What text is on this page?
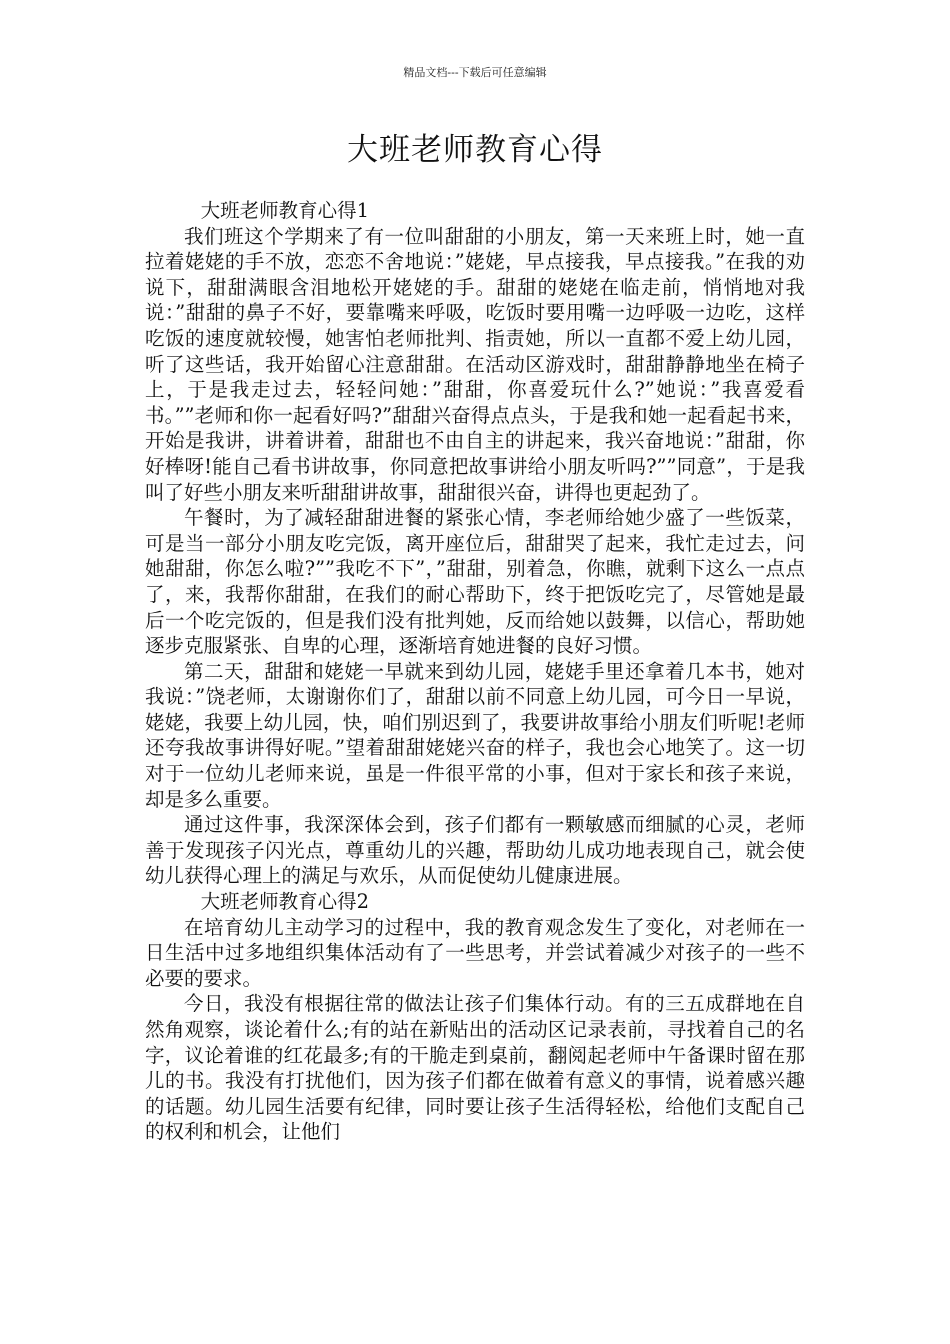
精品文档---下载后可任意编辑
大班老师教育心得

大班老师教育心得1

我们班这个学期来了有一位叫甜甜的小朋友，第一天来班上时，她一直拉着姥姥的手不放，恋恋不舍地说：”姥姥，早点接我，早点接我。”在我的劝说下，甜甜满眼含泪地松开姥姥的手。甜甜的姥姥在临走前，悄悄地对我说：”甜甜的鼻子不好，要靠嘴来呼吸，吃饭时要用嘴一边呼吸一边吃，这样吃饭的速度就较慢，她害怕老师批判、指责她，所以一直都不爱上幼儿园，听了这些话，我开始留心注意甜甜。在活动区游戏时，甜甜静静地坐在椅子上，于是我走过去，轻轻问她：”甜甜，你喜爱玩什么?”她说：”我喜爱看书。””老师和你一起看好吗?”甜甜兴奋得点点头，于是我和她一起看起书来，开始是我讲，讲着讲着，甜甜也不由自主的讲起来，我兴奋地说：”甜甜，你好棒呀!能自己看书讲故事，你同意把故事讲给小朋友听吗?””同意”，于是我叫了好些小朋友来听甜甜讲故事，甜甜很兴奋，讲得也更起劲了。

午餐时，为了减轻甜甜进餐的紧张心情，李老师给她少盛了一些饭菜，可是当一部分小朋友吃完饭，离开座位后，甜甜哭了起来，我忙走过去，问她甜甜，你怎么啦?””我吃不下”，”甜甜，别着急，你瞧，就剩下这么一点点了，来，我帮你甜甜，在我们的耐心帮助下，终于把饭吃完了，尽管她是最后一个吃完饭的，但是我们没有批判她，反而给她以鼓舞，以信心，帮助她逐步克服紧张、自卑的心理，逐渐培育她进餐的良好习惯。

第二天，甜甜和姥姥一早就来到幼儿园，姥姥手里还拿着几本书，她对我说：”饶老师，太谢谢你们了，甜甜以前不同意上幼儿园，可今日一早说，姥姥，我要上幼儿园，快，咱们别迟到了，我要讲故事给小朋友们听呢!老师还夸我故事讲得好呢。”望着甜甜姥姥兴奋的样子，我也会心地笑了。这一切对于一位幼儿老师来说，虽是一件很平常的小事，但对于家长和孩子来说，却是多么重要。

通过这件事，我深深体会到，孩子们都有一颗敏感而细腻的心灵，老师善于发现孩子闪光点，尊重幼儿的兴趣，帮助幼儿成功地表现自己，就会使幼儿获得心理上的满足与欢乐，从而促使幼儿健康进展。

大班老师教育心得2

在培育幼儿主动学习的过程中，我的教育观念发生了变化，对老师在一日生活中过多地组织集体活动有了一些思考，并尝试着减少对孩子的一些不必要的要求。

今日，我没有根据往常的做法让孩子们集体行动。有的三五成群地在自然角观察，谈论着什么;有的站在新贴出的活动区记录表前，寻找着自己的名字，议论着谁的红花最多;有的干脆走到桌前，翻阅起老师中午备课时留在那儿的书。我没有打扰他们，因为孩子们都在做着有意义的事情，说着感兴趣的话题。幼儿园生活要有纪律，同时要让孩子生活得轻松，给他们支配自己的权利和机会，让他们
